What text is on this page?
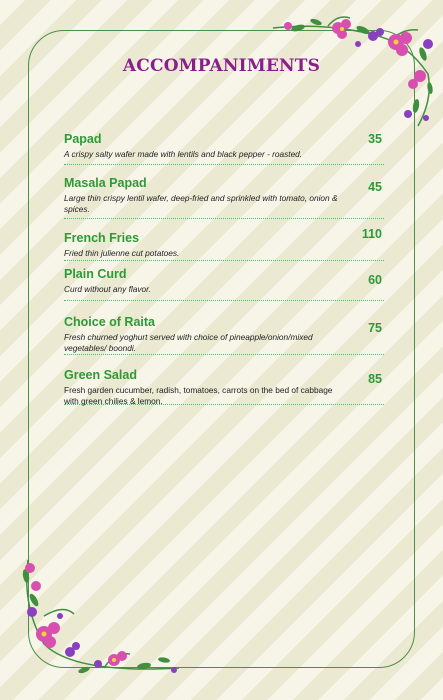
ACCOMPANIMENTS
Papad
A crispy salty wafer made with lentils and black pepper - roasted.
35
Masala Papad
Large thin crispy lentil wafer, deep-fried and sprinkled with tomato, onion & spices.
45
French Fries
Fried thin julienne cut potatoes.
110
Plain Curd
Curd without any flavor.
60
Choice of Raita
Fresh churned yoghurt served with choice of pineapple/onion/mixed vegetables/ boondi.
75
Green Salad
Fresh garden cucumber, radish, tomatoes, carrots on the bed of cabbage with green chilies & lemon.
85
